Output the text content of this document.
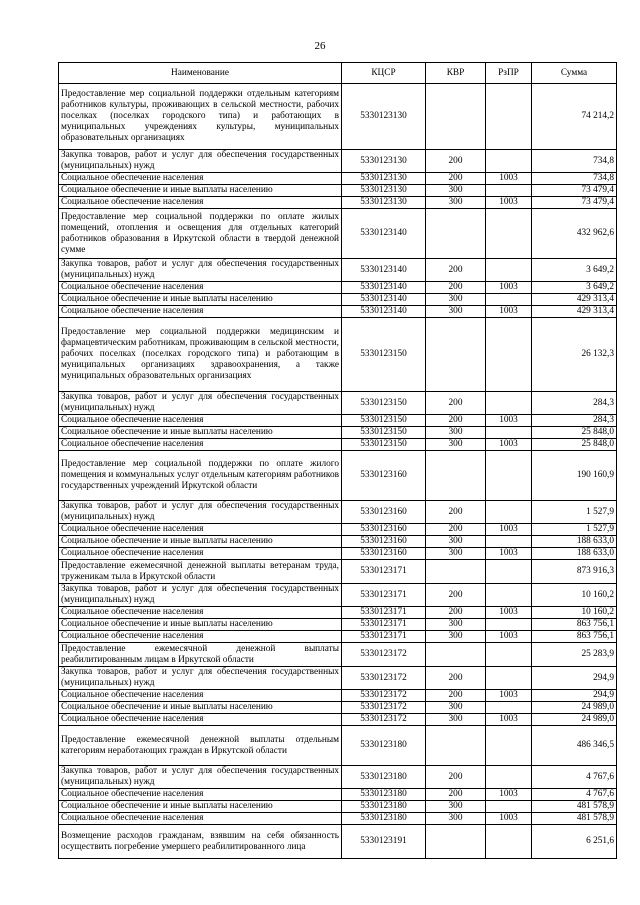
26
Наименование	КЦСР	КВР	РзПР	Сумма
Предоставление мер социальной поддержки отдельным категориям работников культуры, проживающих в сельской местности, рабочих поселках (поселках городского типа) и работающих в муниципальных учреждениях культуры, муниципальных образовательных организациях	5330123130			74 214,2
Закупка товаров, работ и услуг для обеспечения государственных (муниципальных) нужд	5330123130	200		734,8
Социальное обеспечение населения	5330123130	200	1003	734,8
Социальное обеспечение и иные выплаты населению	5330123130	300		73 479,4
Социальное обеспечение населения	5330123130	300	1003	73 479,4
Предоставление мер социальной поддержки по оплате жилых помещений, отопления и освещения для отдельных категорий работников образования в Иркутской области в твердой денежной сумме	5330123140			432 962,6
Закупка товаров, работ и услуг для обеспечения государственных (муниципальных) нужд	5330123140	200		3 649,2
Социальное обеспечение населения	5330123140	200	1003	3 649,2
Социальное обеспечение и иные выплаты населению	5330123140	300		429 313,4
Социальное обеспечение населения	5330123140	300	1003	429 313,4
Предоставление мер социальной поддержки медицинским и фармацевтическим работникам, проживающим в сельской местности, рабочих поселках (поселках городского типа) и работающим в муниципальных организациях здравоохранения, а также муниципальных образовательных организациях	5330123150			26 132,3
Закупка товаров, работ и услуг для обеспечения государственных (муниципальных) нужд	5330123150	200		284,3
Социальное обеспечение населения	5330123150	200	1003	284,3
Социальное обеспечение и иные выплаты населению	5330123150	300		25 848,0
Социальное обеспечение населения	5330123150	300	1003	25 848,0
Предоставление мер социальной поддержки по оплате жилого помещения и коммунальных услуг отдельным категориям работников государственных учреждений Иркутской области	5330123160			190 160,9
Закупка товаров, работ и услуг для обеспечения государственных (муниципальных) нужд	5330123160	200		1 527,9
Социальное обеспечение населения	5330123160	200	1003	1 527,9
Социальное обеспечение и иные выплаты населению	5330123160	300		188 633,0
Социальное обеспечение населения	5330123160	300	1003	188 633,0
Предоставление ежемесячной денежной выплаты ветеранам труда, труженикам тыла в Иркутской области	5330123171			873 916,3
Закупка товаров, работ и услуг для обеспечения государственных (муниципальных) нужд	5330123171	200		10 160,2
Социальное обеспечение населения	5330123171	200	1003	10 160,2
Социальное обеспечение и иные выплаты населению	5330123171	300		863 756,1
Социальное обеспечение населения	5330123171	300	1003	863 756,1
Предоставление ежемесячной денежной выплаты реабилитированным лицам в Иркутской области	5330123172			25 283,9
Закупка товаров, работ и услуг для обеспечения государственных (муниципальных) нужд	5330123172	200		294,9
Социальное обеспечение населения	5330123172	200	1003	294,9
Социальное обеспечение и иные выплаты населению	5330123172	300		24 989,0
Социальное обеспечение населения	5330123172	300	1003	24 989,0
Предоставление ежемесячной денежной выплаты отдельным категориям неработающих граждан в Иркутской области	5330123180			486 346,5
Закупка товаров, работ и услуг для обеспечения государственных (муниципальных) нужд	5330123180	200		4 767,6
Социальное обеспечение населения	5330123180	200	1003	4 767,6
Социальное обеспечение и иные выплаты населению	5330123180	300		481 578,9
Социальное обеспечение населения	5330123180	300	1003	481 578,9
Возмещение расходов гражданам, взявшим на себя обязанность осуществить погребение умершего реабилитированного лица	5330123191			6 251,6
